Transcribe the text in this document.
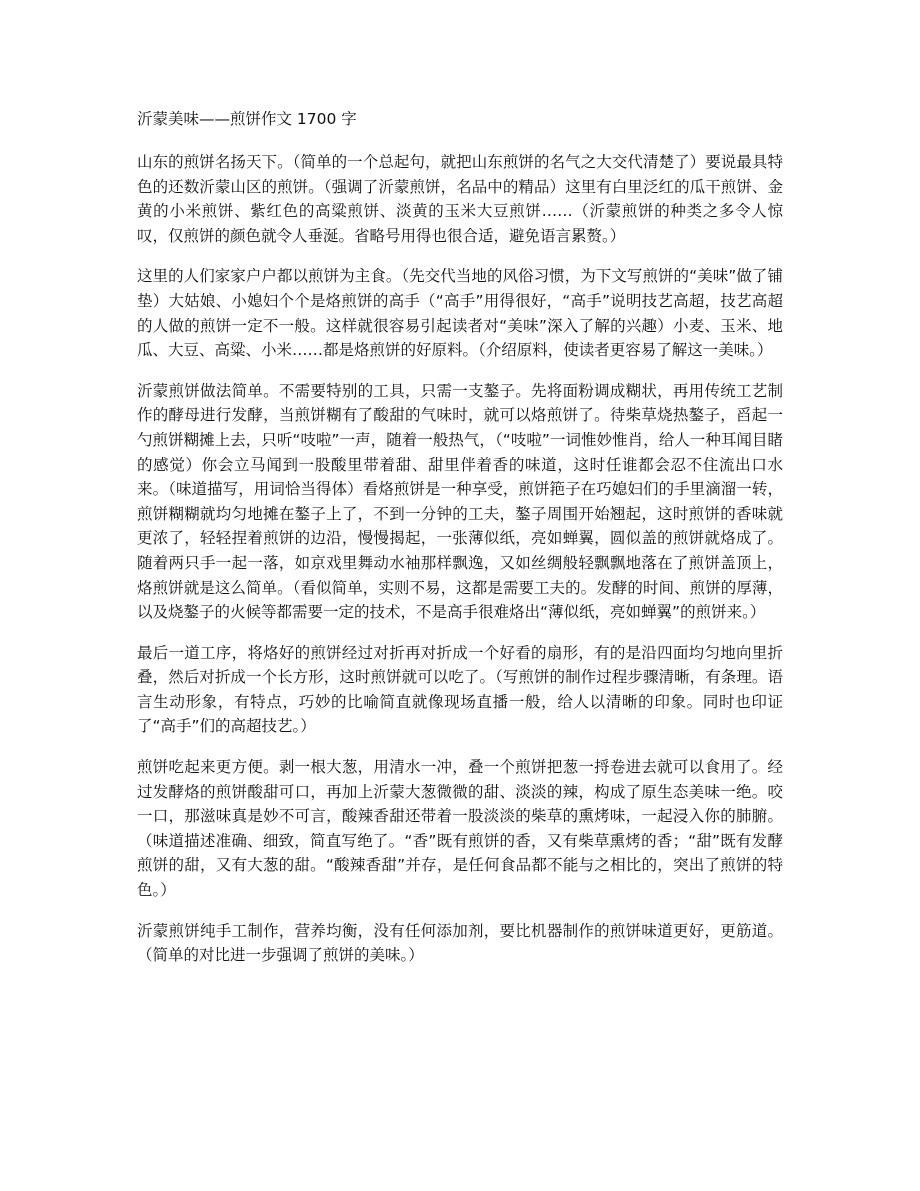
沂蒙美味——煎饼作文 1700 字

山东的煎饼名扬天下。（简单的一个总起句，就把山东煎饼的名气之大交代清楚了）要说最具特色的还数沂蒙山区的煎饼。（强调了沂蒙煎饼，名品中的精品）这里有白里泛红的瓜干煎饼、金黄的小米煎饼、紫红色的高粱煎饼、淡黄的玉米大豆煎饼……（沂蒙煎饼的种类之多令人惊叹，仅煎饼的颜色就令人垂涎。省略号用得也很合适，避免语言累赘。）

这里的人们家家户户都以煎饼为主食。（先交代当地的风俗习惯，为下文写煎饼的“美味”做了铺垫）大姑娘、小媳妇个个是烙煎饼的高手（“高手”用得很好，“高手”说明技艺高超，技艺高超的人做的煎饼一定不一般。这样就很容易引起读者对“美味”深入了解的兴趣）小麦、玉米、地瓜、大豆、高粱、小米……都是烙煎饼的好原料。（介绍原料，使读者更容易了解这一美味。）

沂蒙煎饼做法简单。不需要特别的工具，只需一支鏊子。先将面粉调成糊状，再用传统工艺制作的酵母进行发酵，当煎饼糊有了酸甜的气味时，就可以烙煎饼了。待柴草烧热鏊子，舀起一勺煎饼糊摊上去，只听“吱啦”一声，随着一般热气，（“吱啦”一词惟妙惟肖，给人一种耳闻目睹的感觉）你会立马闻到一股酸里带着甜、甜里伴着香的味道，这时任谁都会忍不住流出口水来。（味道描写，用词恰当得体）看烙煎饼是一种享受，煎饼筢子在巧媳妇们的手里滴溜一转，煎饼糊糊就均匀地摊在鏊子上了，不到一分钟的工夫，鏊子周围开始翘起，这时煎饼的香味就更浓了，轻轻捏着煎饼的边沿，慢慢揭起，一张薄似纸，亮如蝉翼，圆似盖的煎饼就烙成了。随着两只手一起一落，如京戏里舞动水袖那样飘逸，又如丝绸般轻飘飘地落在了煎饼盖顶上，烙煎饼就是这么简单。（看似简单，实则不易，这都是需要工夫的。发酵的时间、煎饼的厚薄，以及烧鏊子的火候等都需要一定的技术，不是高手很难烙出“薄似纸，亮如蝉翼”的煎饼来。）

最后一道工序，将烙好的煎饼经过对折再对折成一个好看的扇形，有的是沿四面均匀地向里折叠，然后对折成一个长方形，这时煎饼就可以吃了。（写煎饼的制作过程步骤清晰，有条理。语言生动形象，有特点，巧妙的比喻简直就像现场直播一般，给人以清晰的印象。同时也印证了“高手”们的高超技艺。）

煎饼吃起来更方便。剥一根大葱，用清水一冲，叠一个煎饼把葱一捋卷进去就可以食用了。经过发酵烙的煎饼酸甜可口，再加上沂蒙大葱微微的甜、淡淡的辣，构成了原生态美味一绝。咬一口，那滋味真是妙不可言，酸辣香甜还带着一股淡淡的柴草的熏烤味，一起浸入你的肺腑。（味道描述准确、细致，简直写绝了。“香”既有煎饼的香，又有柴草熏烤的香；“甜”既有发酵煎饼的甜，又有大葱的甜。“酸辣香甜”并存，是任何食品都不能与之相比的，突出了煎饼的特色。）

沂蒙煎饼纯手工制作，营养均衡，没有任何添加剂，要比机器制作的煎饼味道更好，更筋道。（简单的对比进一步强调了煎饼的美味。）
